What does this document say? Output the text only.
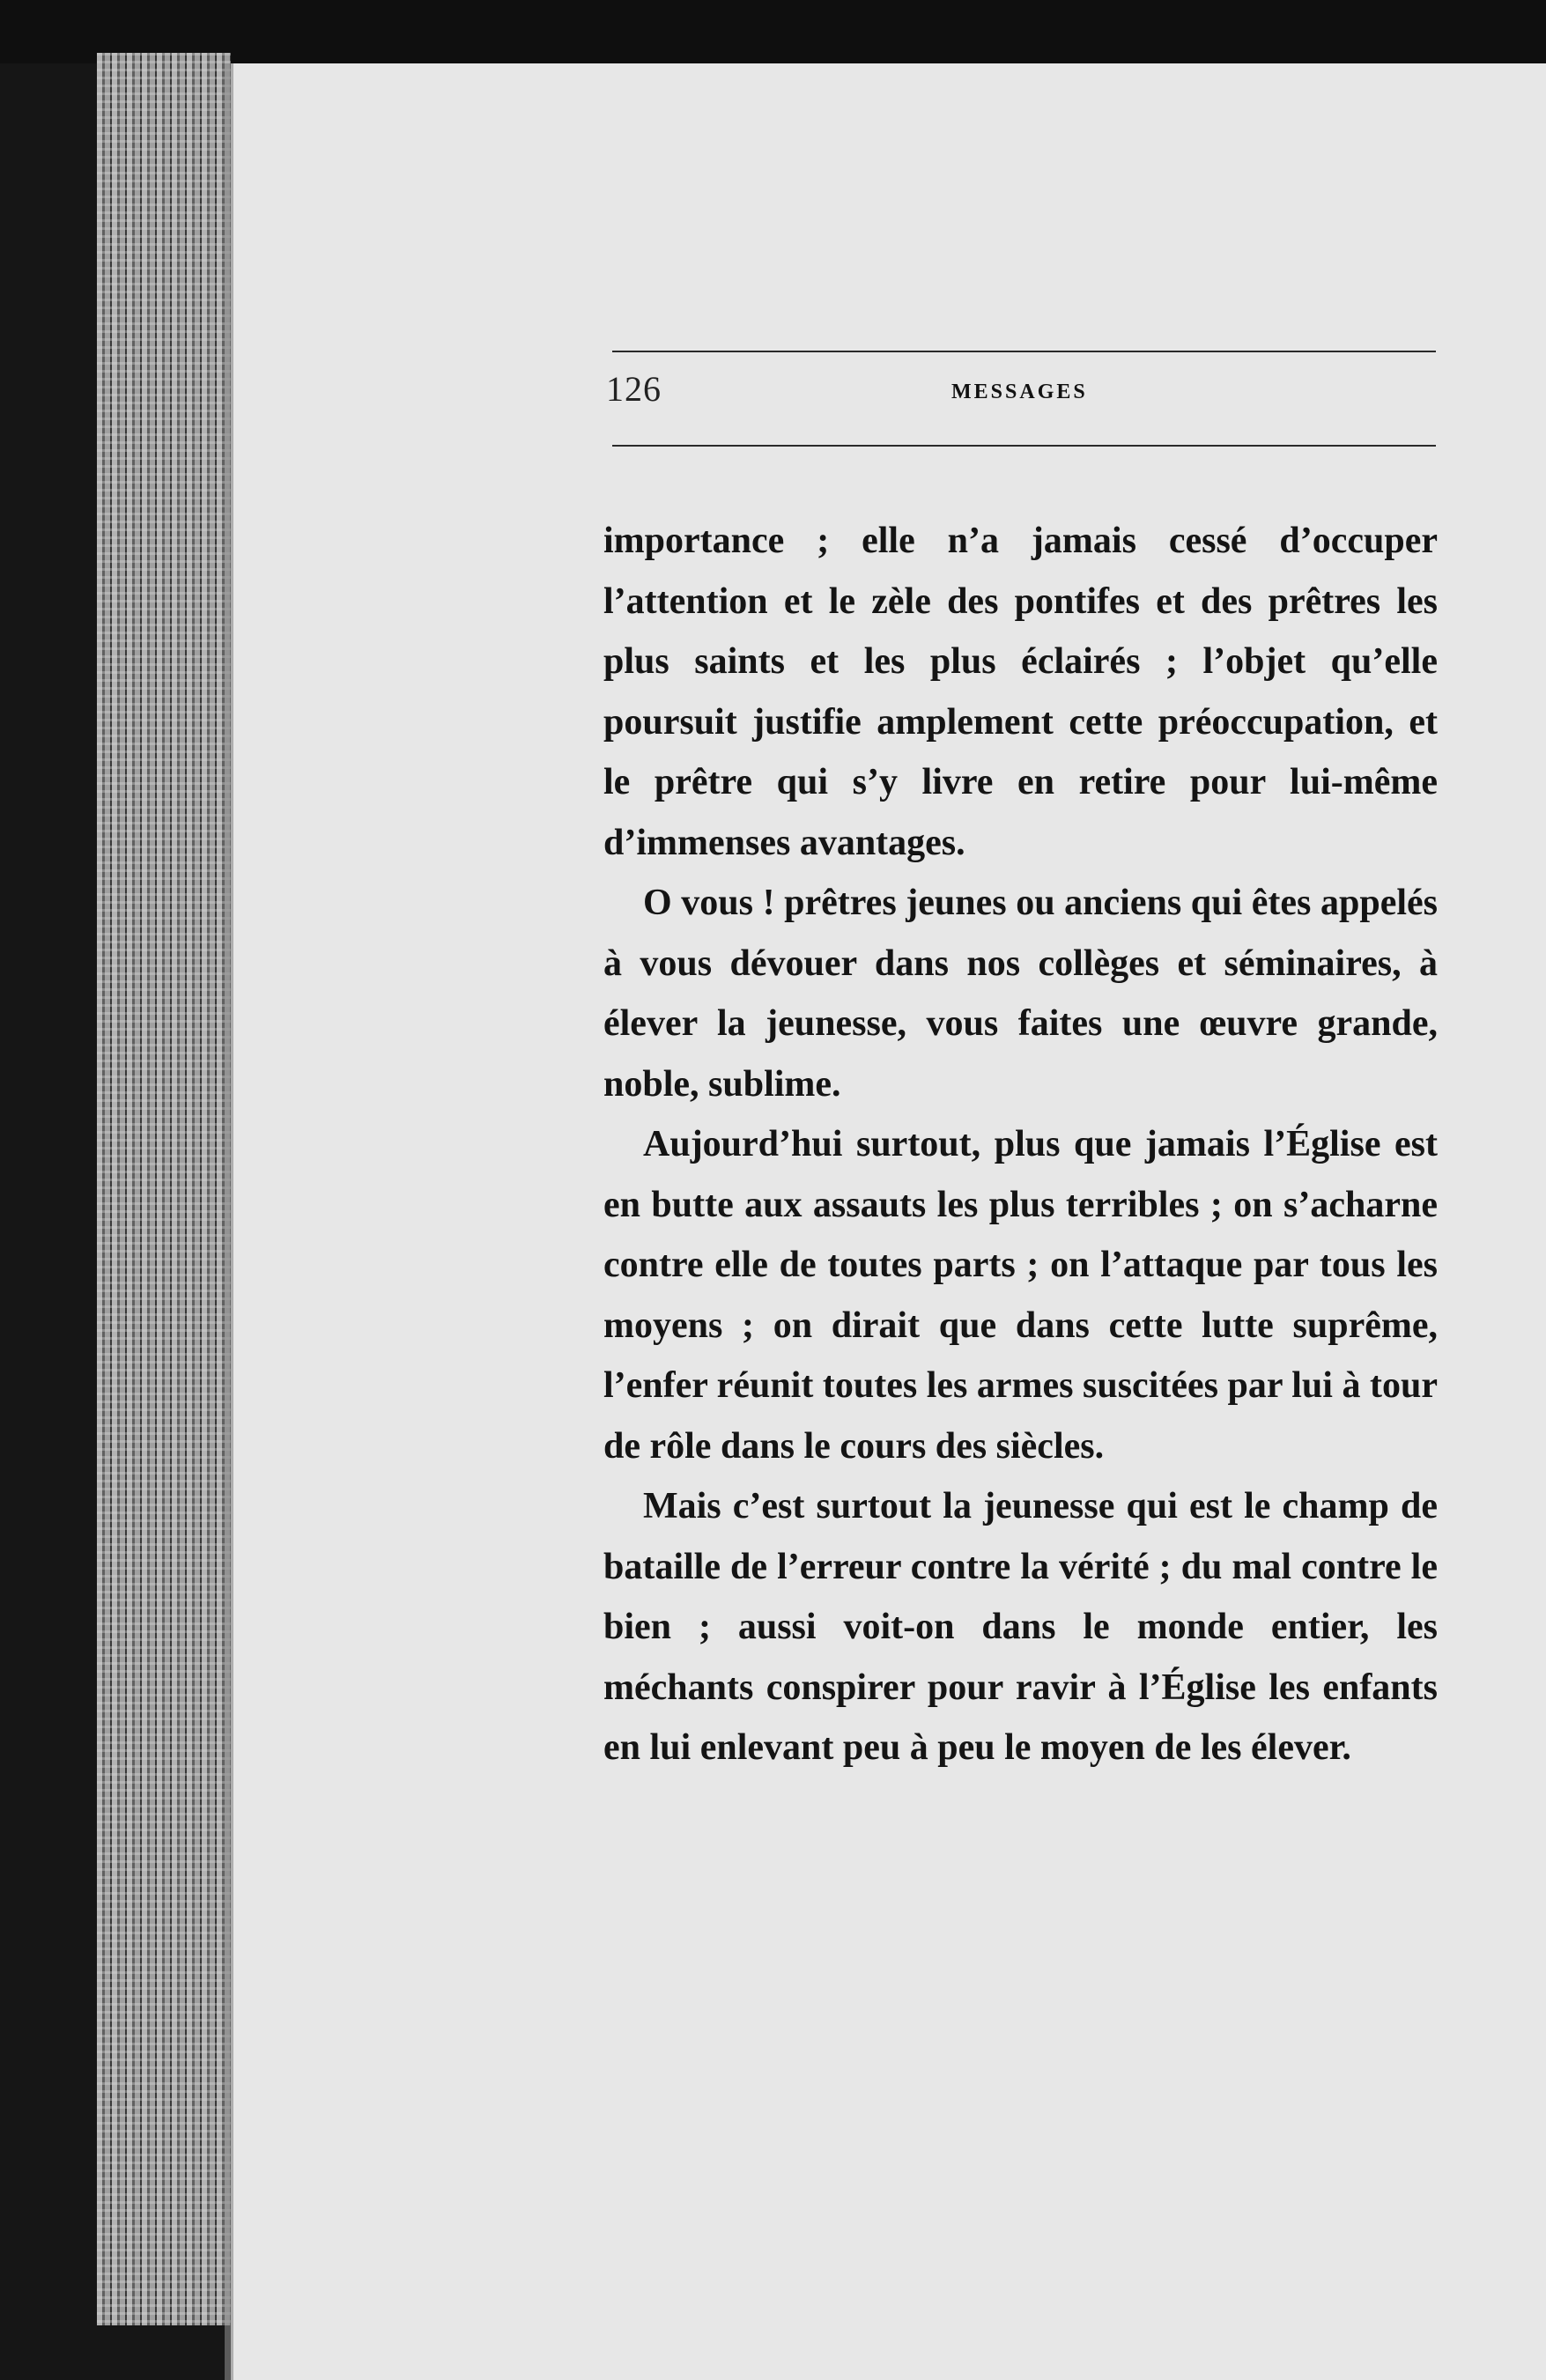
126	MESSAGES

importance ; elle n’a jamais cessé d’occuper l’attention et le zèle des pontifes et des prêtres les plus saints et les plus éclairés ; l’objet qu’elle poursuit justifie amplement cette préoccupation, et le prêtre qui s’y livre en retire pour lui-même d’immenses avantages.

O vous ! prêtres jeunes ou anciens qui êtes appelés à vous dévouer dans nos collèges et séminaires, à élever la jeunesse, vous faites une œuvre grande, noble, sublime.

Aujourd’hui surtout, plus que jamais l’Église est en butte aux assauts les plus terribles ; on s’acharne contre elle de toutes parts ; on l’attaque par tous les moyens ; on dirait que dans cette lutte suprême, l’enfer réunit toutes les armes suscitées par lui à tour de rôle dans le cours des siècles.

Mais c’est surtout la jeunesse qui est le champ de bataille de l’erreur contre la vérité ; du mal contre le bien ; aussi voit-on dans le monde entier, les méchants conspirer pour ravir à l’Église les enfants en lui enlevant peu à peu le moyen de les élever.
